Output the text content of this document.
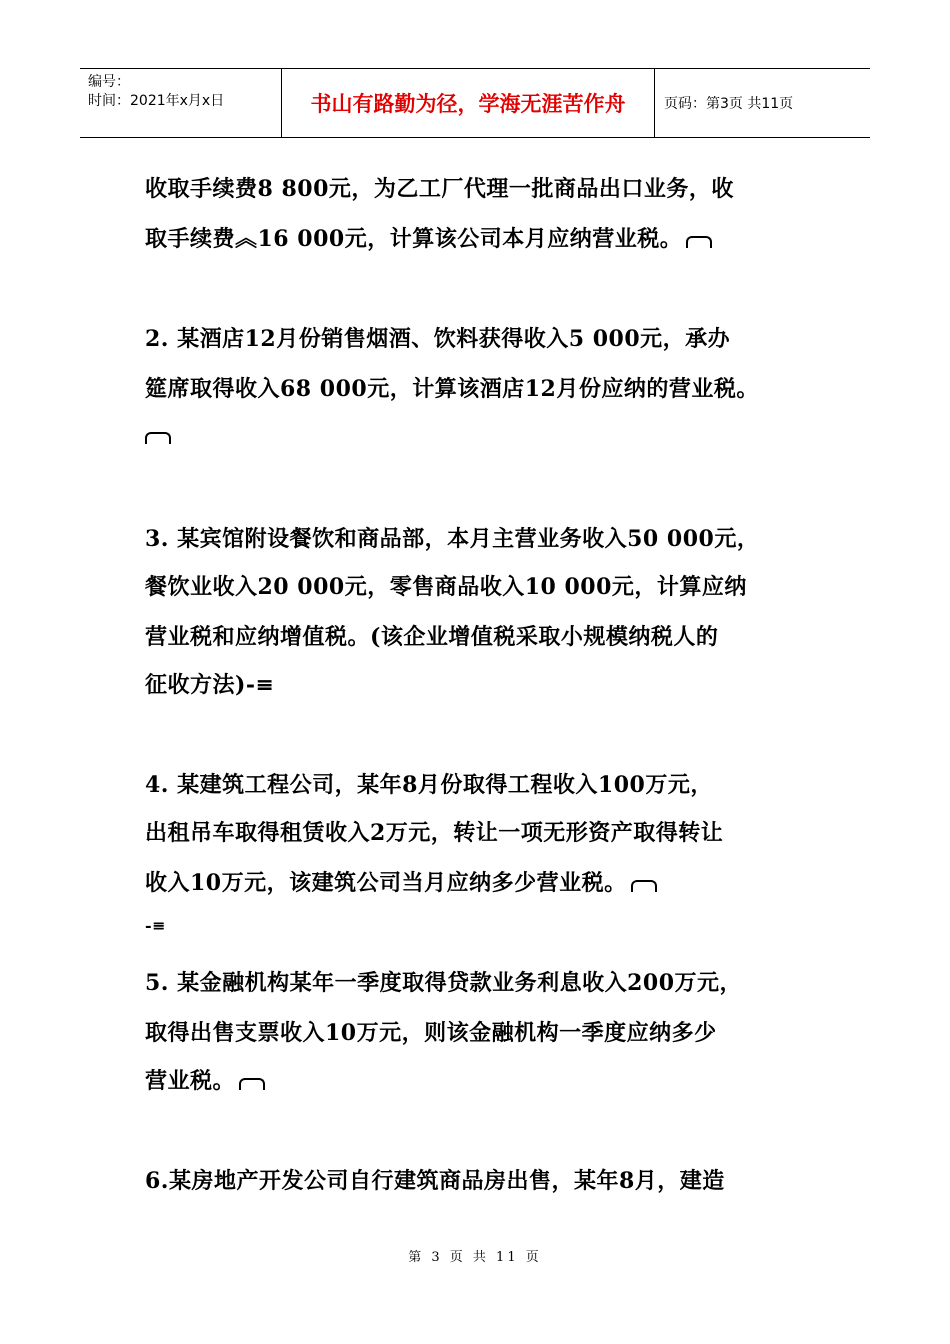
编号：
时间：2021年x月x日	书山有路勤为径，学海无涯苦作舟	页码：第3页 共11页
收取手续费8 800元，为乙工厂代理一批商品出口业务，收
取手续费︽16 000元，计算该公司本月应纳营业税。
2. 某酒店12月份销售烟酒、饮料获得收入5 000元，承办
筵席取得收入68 000元，计算该酒店12月份应纳的营业税。
3. 某宾馆附设餐饮和商品部，本月主营业务收入50 000元，
餐饮业收入20 000元，零售商品收入10 000元，计算应纳
营业税和应纳增值税。(该企业增值税采取小规模纳税人的
征收方法)-≡
4. 某建筑工程公司，某年8月份取得工程收入100万元，
出租吊车取得租赁收入2万元，转让一项无形资产取得转让
收入10万元，该建筑公司当月应纳多少营业税。
-≡
5. 某金融机构某年一季度取得贷款业务利息收入200万元，
取得出售支票收入10万元，则该金融机构一季度应纳多少
营业税。
6.某房地产开发公司自行建筑商品房出售，某年8月，建造
第 3 页 共 11 页
